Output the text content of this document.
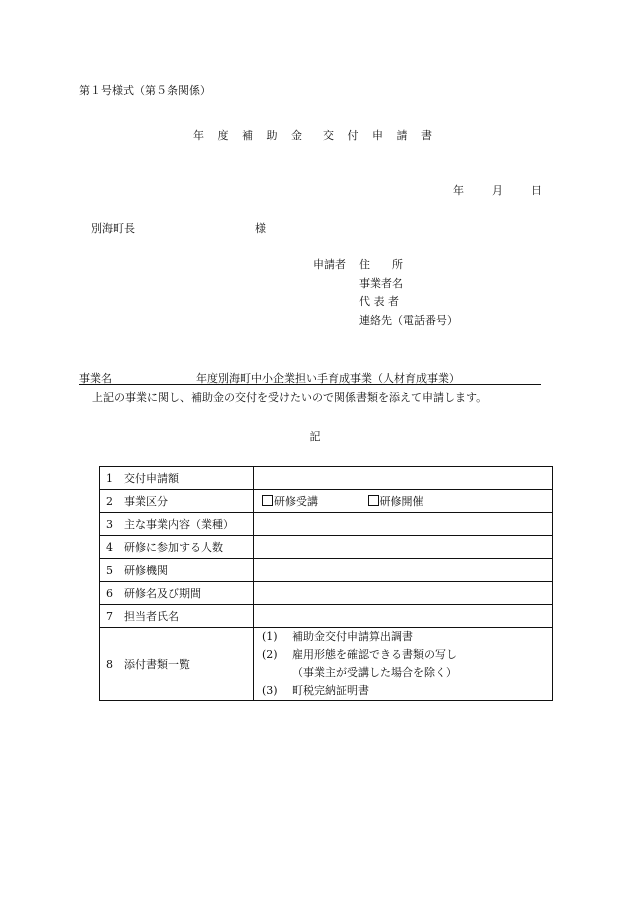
第１号様式（第５条関係）
年 度 補 助 金　交 付 申 請 書
年	月	日
別海町長	様
申請者 住　　所
事業者名
代 表 者
連絡先（電話番号）
事業名	年度別海町中小企業担い手育成事業（人材育成事業）
上記の事業に関し、補助金の交付を受けたいので関係書類を添えて申請します。
記
1 交付申請額	
2 事業区分	研修受講 研修開催
3 主な事業内容（業種）	
4 研修に参加する人数	
5 研修機関	
6 研修名及び期間	
7 担当者氏名	
8 添付書類一覧	(1) 補助金交付申請算出調書
(2) 雇用形態を確認できる書類の写し
（事業主が受講した場合を除く）
(3) 町税完納証明書
